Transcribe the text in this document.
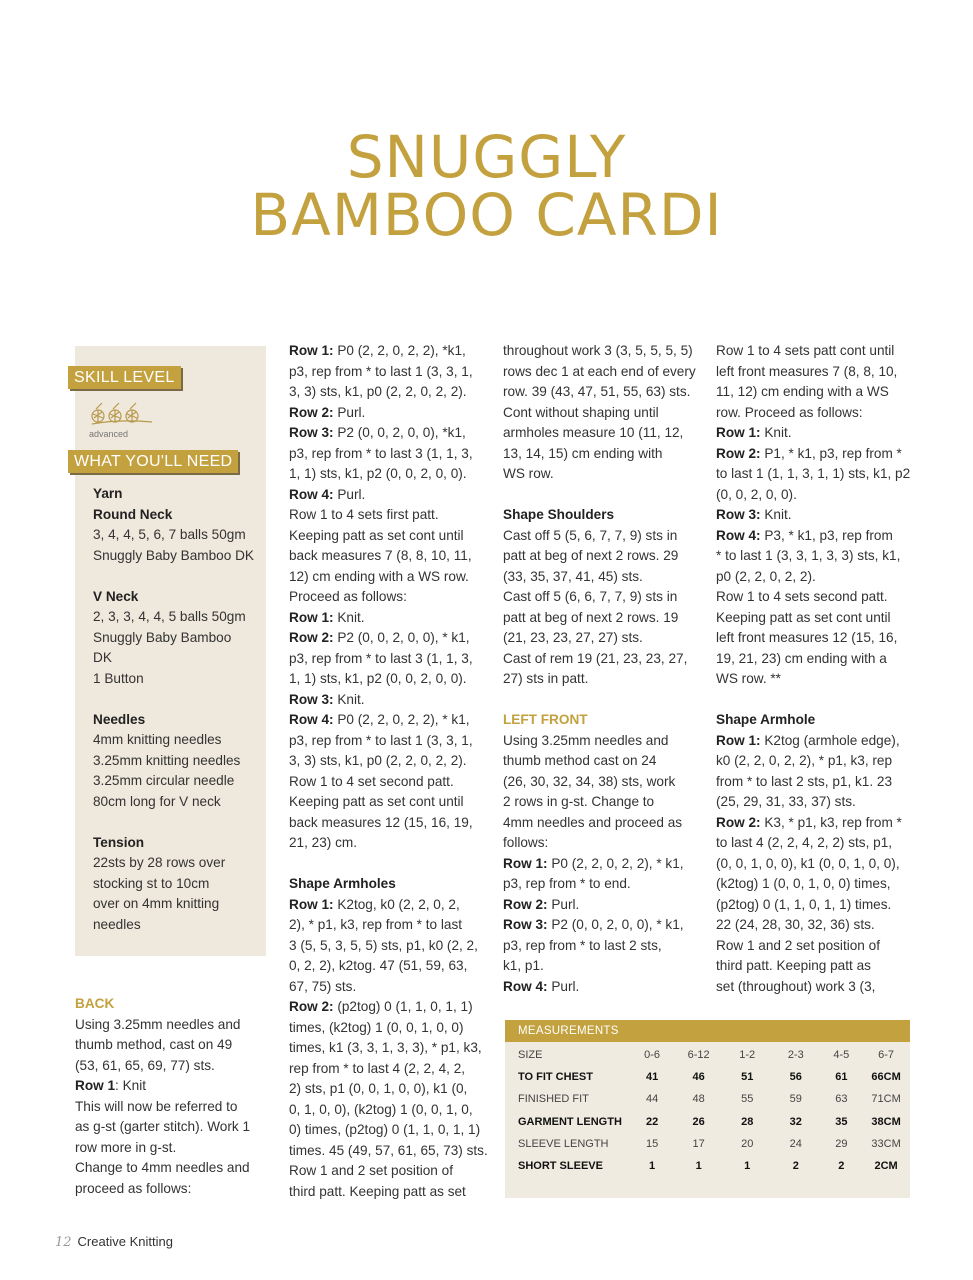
SNUGGLY
BAMBOO CARDI
SKILL LEVEL
advanced
WHAT YOU'LL NEED

Yarn

Round Neck

3, 4, 4, 5, 6, 7 balls 50gm

Snuggly Baby Bamboo DK

V Neck

2, 3, 3, 4, 4, 5 balls 50gm

Snuggly Baby Bamboo

DK

1 Button

Needles

4mm knitting needles

3.25mm knitting needles

3.25mm circular needle

80cm long for V neck

Tension

22sts by 28 rows over

stocking st to 10cm

over on 4mm knitting

needles

BACK

Using 3.25mm needles and

thumb method, cast on 49

(53, 61, 65, 69, 77) sts.

Row 1: Knit

This will now be referred to

as g-st (garter stitch). Work 1

row more in g-st.

Change to 4mm needles and

proceed as follows:

Row 1: P0 (2, 2, 0, 2, 2), *k1,

p3, rep from * to last 1 (3, 3, 1,

3, 3) sts, k1, p0 (2, 2, 0, 2, 2).

Row 2: Purl.

Row 3: P2 (0, 0, 2, 0, 0), *k1,

p3, rep from * to last 3 (1, 1, 3,

1, 1) sts, k1, p2 (0, 0, 2, 0, 0).

Row 4: Purl.

Row 1 to 4 sets first patt.

Keeping patt as set cont until

back measures 7 (8, 8, 10, 11,

12) cm ending with a WS row.

Proceed as follows:

Row 1: Knit.

Row 2: P2 (0, 0, 2, 0, 0), * k1,

p3, rep from * to last 3 (1, 1, 3,

1, 1) sts, k1, p2 (0, 0, 2, 0, 0).

Row 3: Knit.

Row 4: P0 (2, 2, 0, 2, 2), * k1,

p3, rep from * to last 1 (3, 3, 1,

3, 3) sts, k1, p0 (2, 2, 0, 2, 2).

Row 1 to 4 set second patt.

Keeping patt as set cont until

back measures 12 (15, 16, 19,

21, 23) cm.

Shape Armholes

Row 1: K2tog, k0 (2, 2, 0, 2,

2), * p1, k3, rep from * to last

3 (5, 5, 3, 5, 5) sts, p1, k0 (2, 2,

0, 2, 2), k2tog. 47 (51, 59, 63,

67, 75) sts.

Row 2: (p2tog) 0 (1, 1, 0, 1, 1)

times, (k2tog) 1 (0, 0, 1, 0, 0)

times, k1 (3, 3, 1, 3, 3), * p1, k3,

rep from * to last 4 (2, 2, 4, 2,

2) sts, p1 (0, 0, 1, 0, 0), k1 (0,

0, 1, 0, 0), (k2tog) 1 (0, 0, 1, 0,

0) times, (p2tog) 0 (1, 1, 0, 1, 1)

times. 45 (49, 57, 61, 65, 73) sts.

Row 1 and 2 set position of

third patt. Keeping patt as set

throughout work 3 (3, 5, 5, 5, 5)

rows dec 1 at each end of every

row. 39 (43, 47, 51, 55, 63) sts.

Cont without shaping until

armholes measure 10 (11, 12,

13, 14, 15) cm ending with

WS row.

Shape Shoulders

Cast off 5 (5, 6, 7, 7, 9) sts in

patt at beg of next 2 rows. 29

(33, 35, 37, 41, 45) sts.

Cast off 5 (6, 6, 7, 7, 9) sts in

patt at beg of next 2 rows. 19

(21, 23, 23, 27, 27) sts.

Cast of rem 19 (21, 23, 23, 27,

27) sts in patt.

LEFT FRONT

Using 3.25mm needles and

thumb method cast on 24

(26, 30, 32, 34, 38) sts, work

2 rows in g-st. Change to

4mm needles and proceed as

follows:

Row 1: P0 (2, 2, 0, 2, 2), * k1,

p3, rep from * to end.

Row 2: Purl.

Row 3: P2 (0, 0, 2, 0, 0), * k1,

p3, rep from * to last 2 sts,

k1, p1.

Row 4: Purl.

Row 1 to 4 sets patt cont until

left front measures 7 (8, 8, 10,

11, 12) cm ending with a WS

row. Proceed as follows:

Row 1: Knit.

Row 2: P1, * k1, p3, rep from *

to last 1 (1, 1, 3, 1, 1) sts, k1, p2

(0, 0, 2, 0, 0).

Row 3: Knit.

Row 4: P3, * k1, p3, rep from

* to last 1 (3, 3, 1, 3, 3) sts, k1,

p0 (2, 2, 0, 2, 2).

Row 1 to 4 sets second patt.

Keeping patt as set cont until

left front measures 12 (15, 16,

19, 21, 23) cm ending with a

WS row. **

Shape Armhole

Row 1: K2tog (armhole edge),

k0 (2, 2, 0, 2, 2), * p1, k3, rep

from * to last 2 sts, p1, k1. 23

(25, 29, 31, 33, 37) sts.

Row 2: K3, * p1, k3, rep from *

to last 4 (2, 2, 4, 2, 2) sts, p1,

(0, 0, 1, 0, 0), k1 (0, 0, 1, 0, 0),

(k2tog) 1 (0, 0, 1, 0, 0) times,

(p2tog) 0 (1, 1, 0, 1, 1) times.

22 (24, 28, 30, 32, 36) sts.

Row 1 and 2 set position of

third patt. Keeping patt as

set (throughout) work 3 (3,

MEASUREMENTS
SIZE	0-6	6-12	1-2	2-3	4-5	6-7
TO FIT CHEST	41	46	51	56	61	66CM
FINISHED FIT	44	48	55	59	63	71CM
GARMENT LENGTH	22	26	28	32	35	38CM
SLEEVE LENGTH	15	17	20	24	29	33CM
SHORT SLEEVE	1	1	1	2	2	2CM
12 Creative Knitting
